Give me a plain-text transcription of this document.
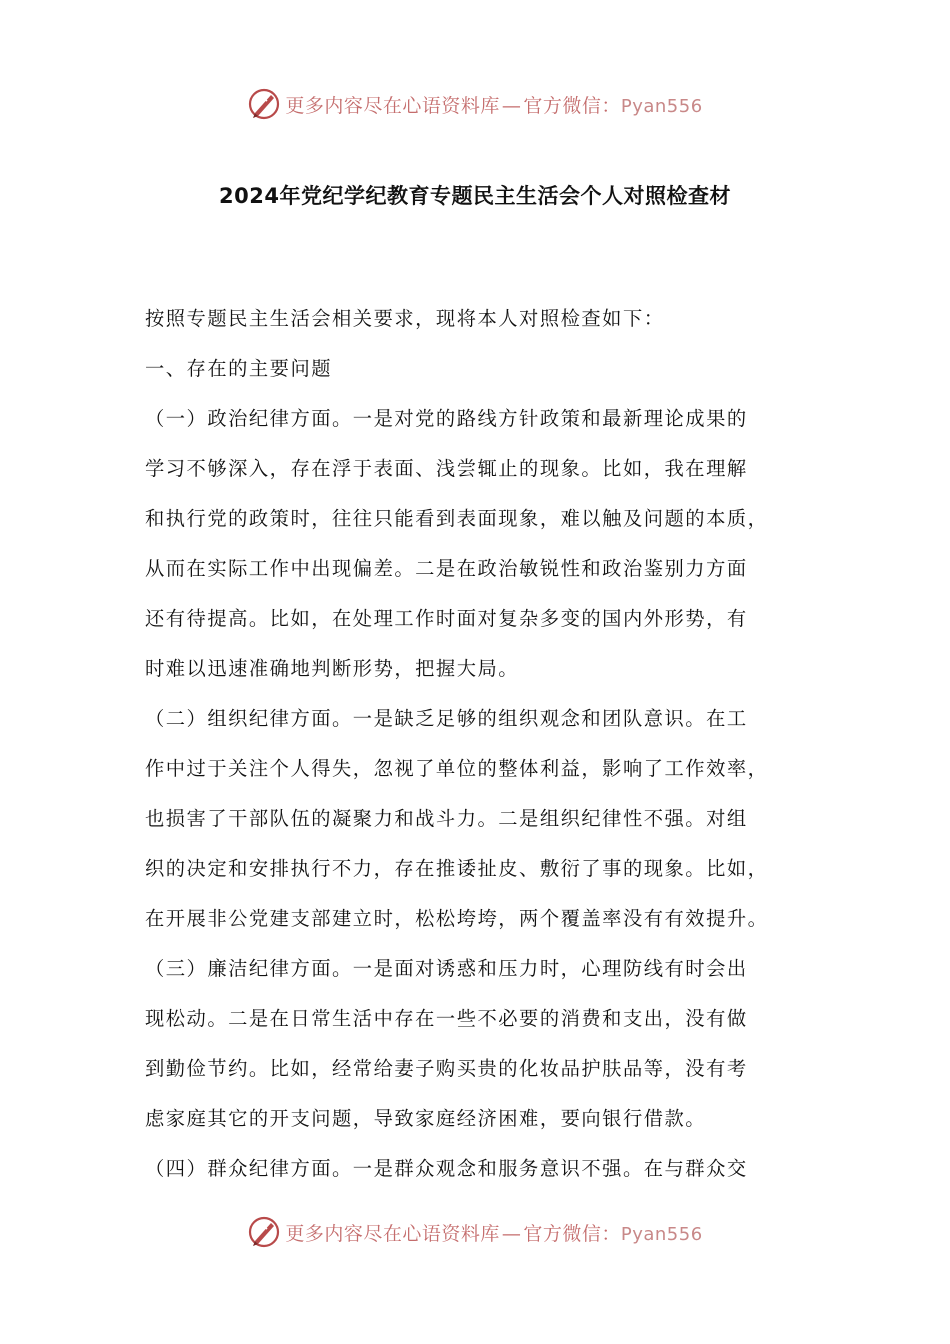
更多内容尽在心语资料库 — 官方微信：Pyan556
2024年党纪学纪教育专题民主生活会个人对照检查材
按照专题民主生活会相关要求，现将本人对照检查如下：
一、存在的主要问题
（一）政治纪律方面。一是对党的路线方针政策和最新理论成果的
学习不够深入，存在浮于表面、浅尝辄止的现象。比如，我在理解
和执行党的政策时，往往只能看到表面现象，难以触及问题的本质，
从而在实际工作中出现偏差。二是在政治敏锐性和政治鉴别力方面
还有待提高。比如，在处理工作时面对复杂多变的国内外形势，有
时难以迅速准确地判断形势，把握大局。
（二）组织纪律方面。一是缺乏足够的组织观念和团队意识。在工
作中过于关注个人得失，忽视了单位的整体利益，影响了工作效率，
也损害了干部队伍的凝聚力和战斗力。二是组织纪律性不强。对组
织的决定和安排执行不力，存在推诿扯皮、敷衍了事的现象。比如，
在开展非公党建支部建立时，松松垮垮，两个覆盖率没有有效提升。
（三）廉洁纪律方面。一是面对诱惑和压力时，心理防线有时会出
现松动。二是在日常生活中存在一些不必要的消费和支出，没有做
到勤俭节约。比如，经常给妻子购买贵的化妆品护肤品等，没有考
虑家庭其它的开支问题，导致家庭经济困难，要向银行借款。
（四）群众纪律方面。一是群众观念和服务意识不强。在与群众交
更多内容尽在心语资料库 — 官方微信：Pyan556
